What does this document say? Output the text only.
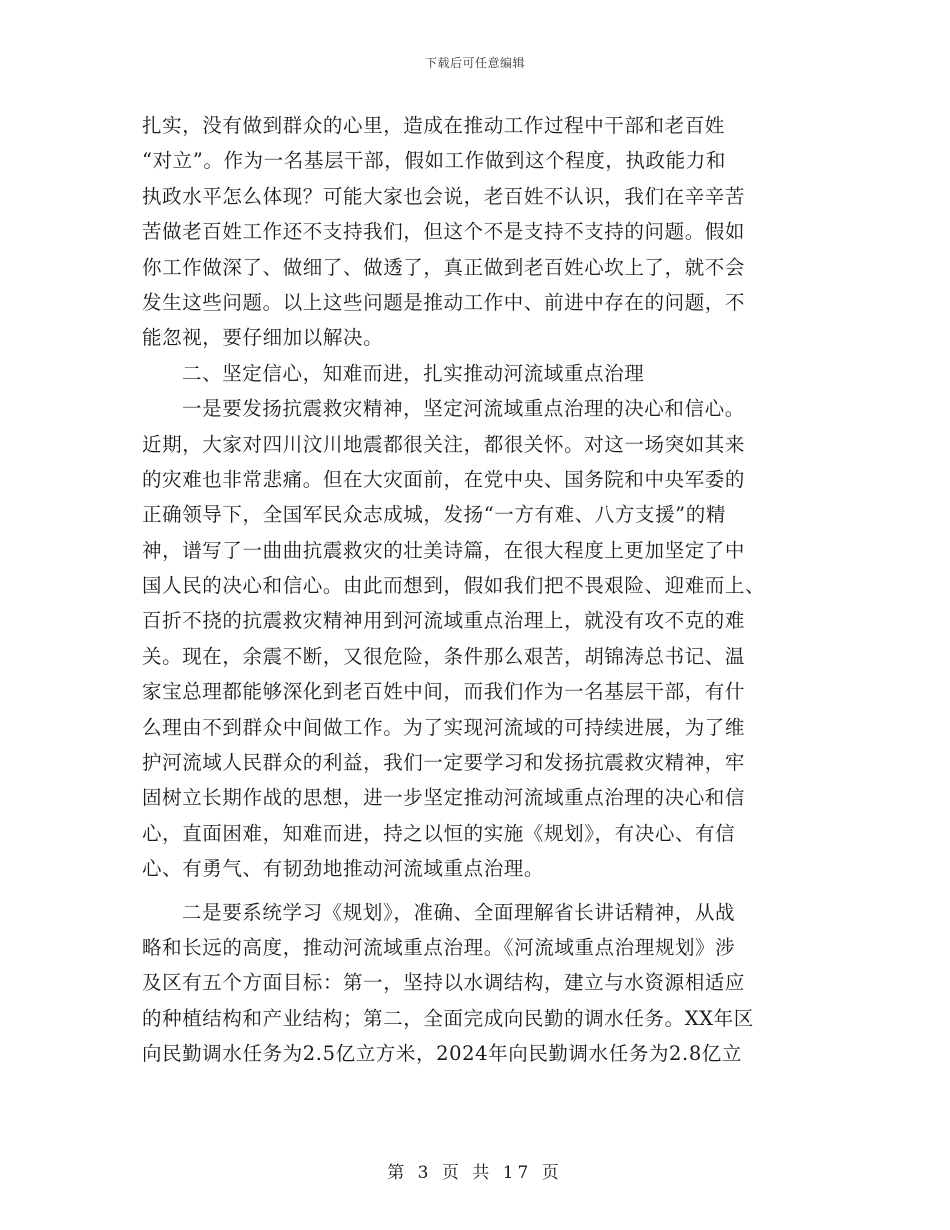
下载后可任意编辑
扎实，没有做到群众的心里，造成在推动工作过程中干部和老百姓
“对立”。作为一名基层干部，假如工作做到这个程度，执政能力和
执政水平怎么体现？可能大家也会说，老百姓不认识，我们在辛辛苦
苦做老百姓工作还不支持我们，但这个不是支持不支持的问题。假如
你工作做深了、做细了、做透了，真正做到老百姓心坎上了，就不会
发生这些问题。以上这些问题是推动工作中、前进中存在的问题，不
能忽视，要仔细加以解决。
二、坚定信心，知难而进，扎实推动河流域重点治理
一是要发扬抗震救灾精神，坚定河流域重点治理的决心和信心。
近期，大家对四川汶川地震都很关注，都很关怀。对这一场突如其来
的灾难也非常悲痛。但在大灾面前，在党中央、国务院和中央军委的
正确领导下，全国军民众志成城，发扬“一方有难、八方支援”的精
神，谱写了一曲曲抗震救灾的壮美诗篇，在很大程度上更加坚定了中
国人民的决心和信心。由此而想到，假如我们把不畏艰险、迎难而上、
百折不挠的抗震救灾精神用到河流域重点治理上，就没有攻不克的难
关。现在，余震不断，又很危险，条件那么艰苦，胡锦涛总书记、温
家宝总理都能够深化到老百姓中间，而我们作为一名基层干部，有什
么理由不到群众中间做工作。为了实现河流域的可持续进展，为了维
护河流域人民群众的利益，我们一定要学习和发扬抗震救灾精神，牢
固树立长期作战的思想，进一步坚定推动河流域重点治理的决心和信
心，直面困难，知难而进，持之以恒的实施《规划》，有决心、有信
心、有勇气、有韧劲地推动河流域重点治理。
二是要系统学习《规划》，准确、全面理解省长讲话精神，从战
略和长远的高度，推动河流域重点治理。《河流域重点治理规划》涉
及区有五个方面目标：第一，坚持以水调结构，建立与水资源相适应
的种植结构和产业结构；第二，全面完成向民勤的调水任务。XX年区
向民勤调水任务为2.5亿立方米，2024年向民勤调水任务为2.8亿立
第 3 页 共 17 页
